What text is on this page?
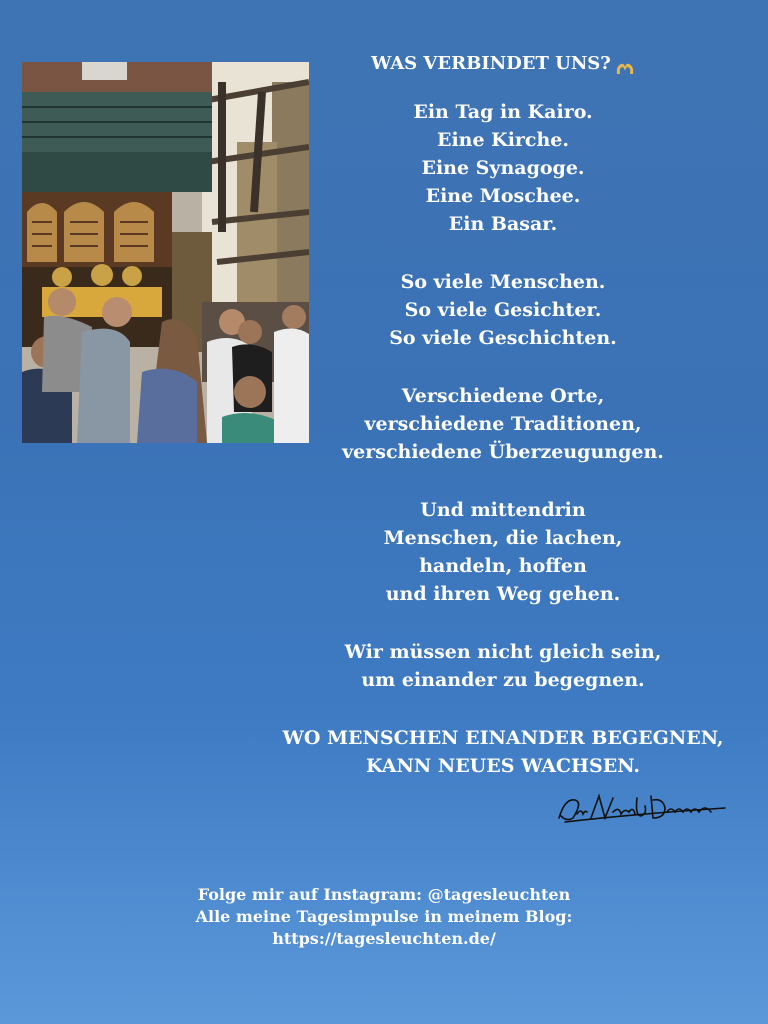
WAS VERBINDET UNS?
Ein Tag in Kairo.
Eine Kirche.
Eine Synagoge.
Eine Moschee.
Ein Basar.
So viele Menschen.
So viele Gesichter.
So viele Geschichten.
Verschiedene Orte,
verschiedene Traditionen,
verschiedene Überzeugungen.
Und mittendrin
Menschen, die lachen,
handeln, hoffen
und ihren Weg gehen.
Wir müssen nicht gleich sein,
um einander zu begegnen.
WO MENSCHEN EINANDER BEGEGNEN,
KANN NEUES WACHSEN.
Folge mir auf Instagram: @tagesleuchten
Alle meine Tagesimpulse in meinem Blog:
https://tagesleuchten.de/
